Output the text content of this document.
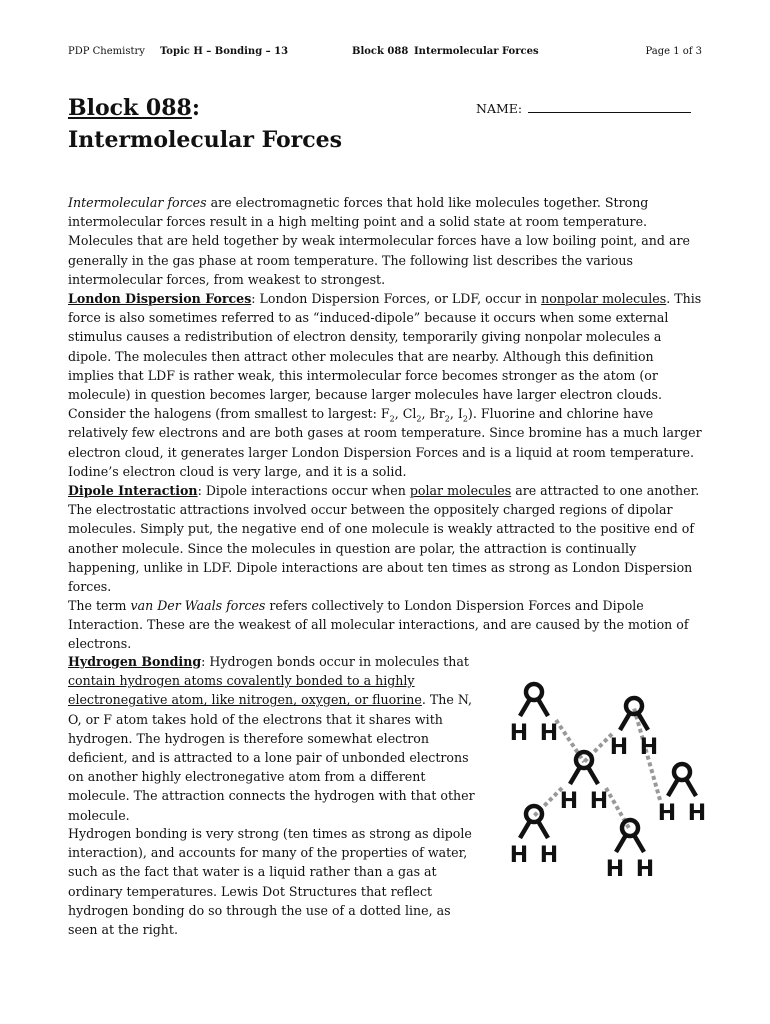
PDP Chemistry Topic H – Bonding – 13	Block 088 Intermolecular Forces	Page 1 of 3
Block 088:
Intermolecular Forces
NAME:

Intermolecular forces are electromagnetic forces that hold like molecules together. Strong intermolecular forces result in a high melting point and a solid state at room temperature. Molecules that are held together by weak intermolecular forces have a low boiling point, and are generally in the gas phase at room temperature. The following list describes the various intermolecular forces, from weakest to strongest.

London Dispersion Forces: London Dispersion Forces, or LDF, occur in nonpolar molecules. This force is also sometimes referred to as “induced-dipole” because it occurs when some external stimulus causes a redistribution of electron density, temporarily giving nonpolar molecules a dipole. The molecules then attract other molecules that are nearby. Although this definition implies that LDF is rather weak, this intermolecular force becomes stronger as the atom (or molecule) in question becomes larger, because larger molecules have larger electron clouds. Consider the halogens (from smallest to largest: $F_2$, $Cl_2$, $Br_2$, $I_2$). Fluorine and chlorine have relatively few electrons and are both gases at room temperature. Since bromine has a much larger electron cloud, it generates larger London Dispersion Forces and is a liquid at room temperature. Iodine’s electron cloud is very large, and it is a solid.

Dipole Interaction: Dipole interactions occur when polar molecules are attracted to one another. The electrostatic attractions involved occur between the oppositely charged regions of dipolar molecules. Simply put, the negative end of one molecule is weakly attracted to the positive end of another molecule. Since the molecules in question are polar, the attraction is continually happening, unlike in LDF. Dipole interactions are about ten times as strong as London Dispersion forces.

The term van Der Waals forces refers collectively to London Dispersion Forces and Dipole Interaction. These are the weakest of all molecular interactions, and are caused by the motion of electrons.

Hydrogen Bonding: Hydrogen bonds occur in molecules that contain hydrogen atoms covalently bonded to a highly electronegative atom, like nitrogen, oxygen, or fluorine. The N, O, or F atom takes hold of the electrons that it shares with hydrogen. The hydrogen is therefore somewhat electron deficient, and is attracted to a lone pair of unbonded electrons on another highly electronegative atom from a different molecule. The attraction connects the hydrogen with that other molecule.

Hydrogen bonding is very strong (ten times as strong as dipole interaction), and accounts for many of the properties of water, such as the fact that water is a liquid rather than a gas at ordinary temperatures. Lewis Dot Structures that reflect hydrogen bonding do so through the use of a dotted line, as seen at the right.

H H
H H
H H H H
H H
H H
